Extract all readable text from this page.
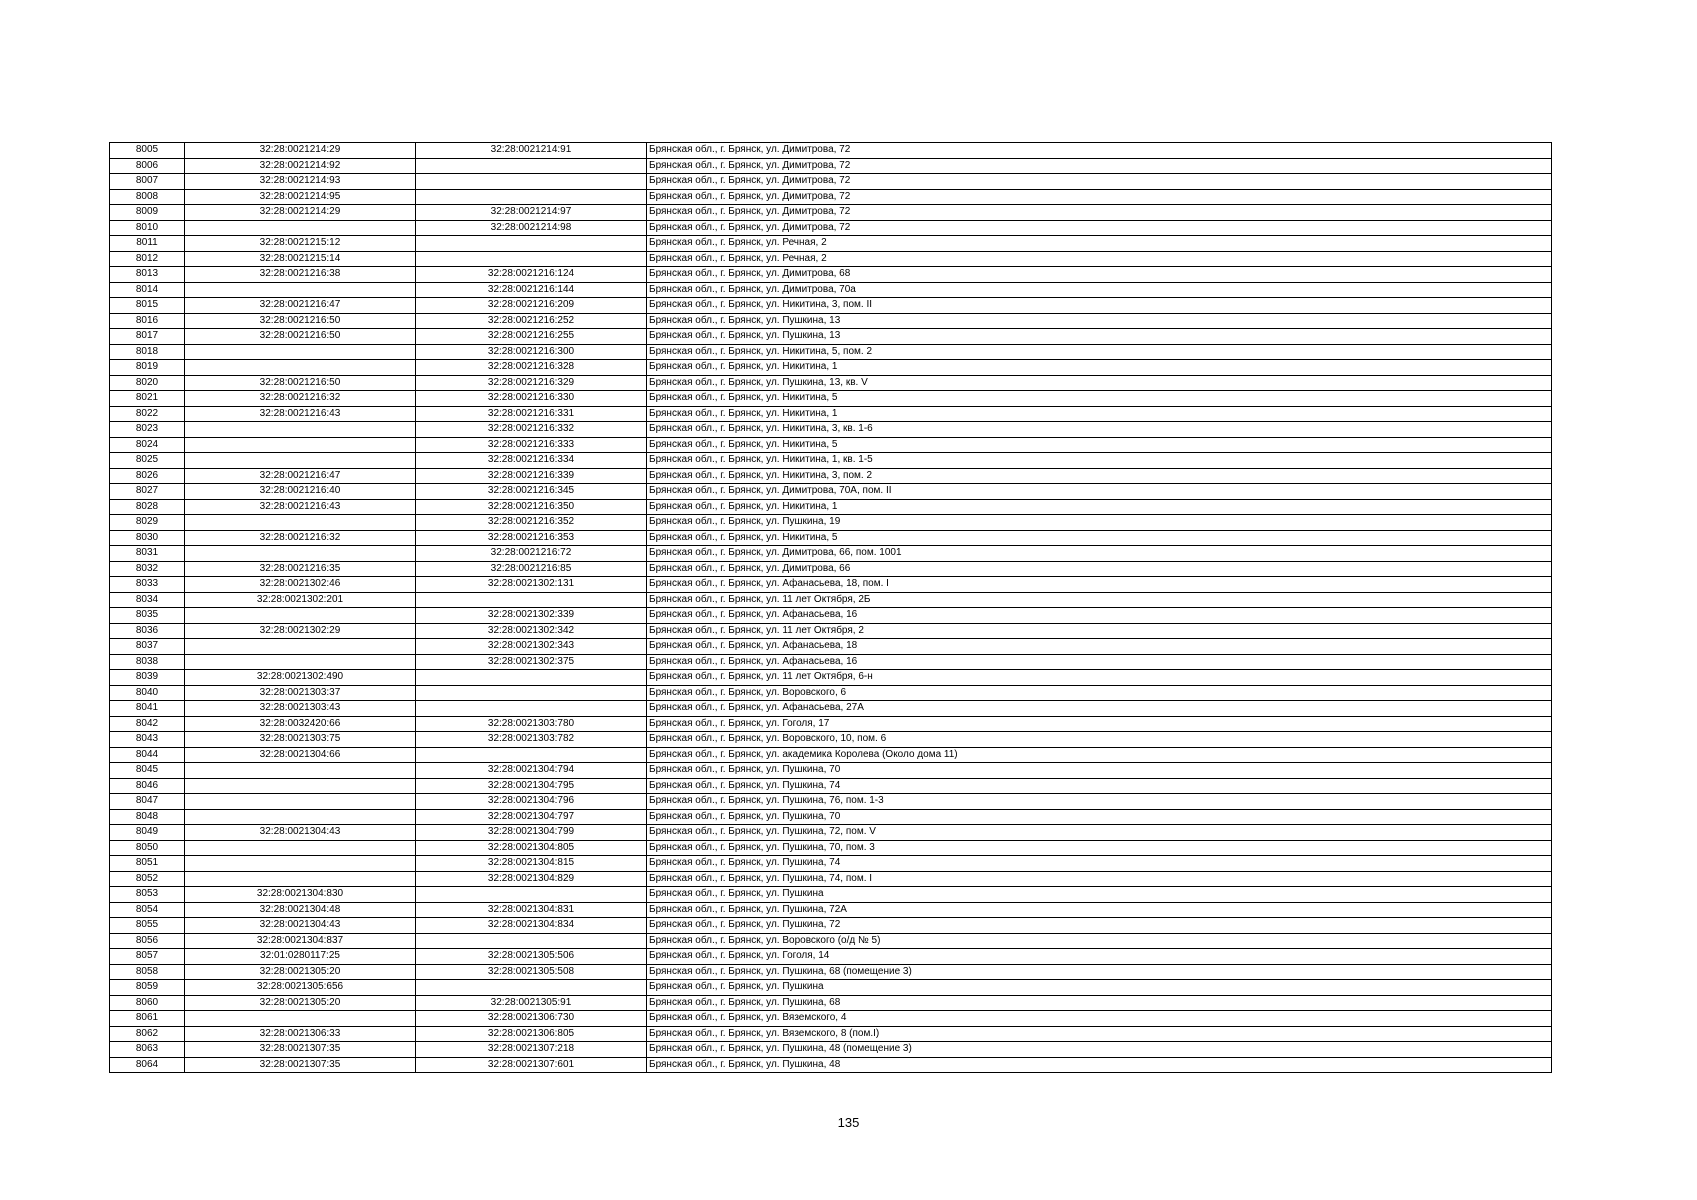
8005	32:28:0021214:29	32:28:0021214:91	Брянская обл., г. Брянск, ул. Димитрова, 72
8006	32:28:0021214:92		Брянская обл., г. Брянск, ул. Димитрова, 72
8007	32:28:0021214:93		Брянская обл., г. Брянск, ул. Димитрова, 72
8008	32:28:0021214:95		Брянская обл., г. Брянск, ул. Димитрова, 72
8009	32:28:0021214:29	32:28:0021214:97	Брянская обл., г. Брянск, ул. Димитрова, 72
8010		32:28:0021214:98	Брянская обл., г. Брянск, ул. Димитрова, 72
8011	32:28:0021215:12		Брянская обл., г. Брянск, ул. Речная, 2
8012	32:28:0021215:14		Брянская обл., г. Брянск, ул. Речная, 2
8013	32:28:0021216:38	32:28:0021216:124	Брянская обл., г. Брянск, ул. Димитрова, 68
8014		32:28:0021216:144	Брянская обл., г. Брянск, ул. Димитрова, 70а
8015	32:28:0021216:47	32:28:0021216:209	Брянская обл., г. Брянск, ул. Никитина, 3, пом. II
8016	32:28:0021216:50	32:28:0021216:252	Брянская обл., г. Брянск, ул. Пушкина, 13
8017	32:28:0021216:50	32:28:0021216:255	Брянская обл., г. Брянск, ул. Пушкина, 13
8018		32:28:0021216:300	Брянская обл., г. Брянск, ул. Никитина, 5, пом. 2
8019		32:28:0021216:328	Брянская обл., г. Брянск, ул. Никитина, 1
8020	32:28:0021216:50	32:28:0021216:329	Брянская обл., г. Брянск, ул. Пушкина, 13, кв. V
8021	32:28:0021216:32	32:28:0021216:330	Брянская обл., г. Брянск, ул. Никитина, 5
8022	32:28:0021216:43	32:28:0021216:331	Брянская обл., г. Брянск, ул. Никитина, 1
8023		32:28:0021216:332	Брянская обл., г. Брянск, ул. Никитина, 3, кв. 1-6
8024		32:28:0021216:333	Брянская обл., г. Брянск, ул. Никитина, 5
8025		32:28:0021216:334	Брянская обл., г. Брянск, ул. Никитина, 1, кв. 1-5
8026	32:28:0021216:47	32:28:0021216:339	Брянская обл., г. Брянск, ул. Никитина, 3, пом. 2
8027	32:28:0021216:40	32:28:0021216:345	Брянская обл., г. Брянск, ул. Димитрова, 70А, пом. II
8028	32:28:0021216:43	32:28:0021216:350	Брянская обл., г. Брянск, ул. Никитина, 1
8029		32:28:0021216:352	Брянская обл., г. Брянск, ул. Пушкина, 19
8030	32:28:0021216:32	32:28:0021216:353	Брянская обл., г. Брянск, ул. Никитина, 5
8031		32:28:0021216:72	Брянская обл., г. Брянск, ул. Димитрова, 66, пом. 1001
8032	32:28:0021216:35	32:28:0021216:85	Брянская обл., г. Брянск, ул. Димитрова, 66
8033	32:28:0021302:46	32:28:0021302:131	Брянская обл., г. Брянск, ул. Афанасьева, 18, пом. I
8034	32:28:0021302:201		Брянская обл., г. Брянск, ул. 11 лет Октября, 2Б
8035		32:28:0021302:339	Брянская обл., г. Брянск, ул. Афанасьева, 16
8036	32:28:0021302:29	32:28:0021302:342	Брянская обл., г. Брянск, ул. 11 лет Октября, 2
8037		32:28:0021302:343	Брянская обл., г. Брянск, ул. Афанасьева, 18
8038		32:28:0021302:375	Брянская обл., г. Брянск, ул. Афанасьева, 16
8039	32:28:0021302:490		Брянская обл., г. Брянск, ул. 11 лет Октября, 6-н
8040	32:28:0021303:37		Брянская обл., г. Брянск, ул. Воровского, 6
8041	32:28:0021303:43		Брянская обл., г. Брянск, ул. Афанасьева, 27А
8042	32:28:0032420:66	32:28:0021303:780	Брянская обл., г. Брянск, ул. Гоголя, 17
8043	32:28:0021303:75	32:28:0021303:782	Брянская обл., г. Брянск, ул. Воровского, 10, пом. 6
8044	32:28:0021304:66		Брянская обл., г. Брянск, ул. академика Королева (Около дома 11)
8045		32:28:0021304:794	Брянская обл., г. Брянск, ул. Пушкина, 70
8046		32:28:0021304:795	Брянская обл., г. Брянск, ул. Пушкина, 74
8047		32:28:0021304:796	Брянская обл., г. Брянск, ул. Пушкина, 76, пом. 1-3
8048		32:28:0021304:797	Брянская обл., г. Брянск, ул. Пушкина, 70
8049	32:28:0021304:43	32:28:0021304:799	Брянская обл., г. Брянск, ул. Пушкина, 72, пом. V
8050		32:28:0021304:805	Брянская обл., г. Брянск, ул. Пушкина, 70, пом. 3
8051		32:28:0021304:815	Брянская обл., г. Брянск, ул. Пушкина, 74
8052		32:28:0021304:829	Брянская обл., г. Брянск, ул. Пушкина, 74, пом. I
8053	32:28:0021304:830		Брянская обл., г. Брянск, ул. Пушкина
8054	32:28:0021304:48	32:28:0021304:831	Брянская обл., г. Брянск, ул. Пушкина, 72А
8055	32:28:0021304:43	32:28:0021304:834	Брянская обл., г. Брянск, ул. Пушкина, 72
8056	32:28:0021304:837		Брянская обл., г. Брянск, ул. Воровского (о/д № 5)
8057	32:01:0280117:25	32:28:0021305:506	Брянская обл., г. Брянск, ул. Гоголя, 14
8058	32:28:0021305:20	32:28:0021305:508	Брянская обл., г. Брянск, ул. Пушкина, 68 (помещение 3)
8059	32:28:0021305:656		Брянская обл., г. Брянск, ул. Пушкина
8060	32:28:0021305:20	32:28:0021305:91	Брянская обл., г. Брянск, ул. Пушкина, 68
8061		32:28:0021306:730	Брянская обл., г. Брянск, ул. Вяземского, 4
8062	32:28:0021306:33	32:28:0021306:805	Брянская обл., г. Брянск, ул. Вяземского, 8 (пом.I)
8063	32:28:0021307:35	32:28:0021307:218	Брянская обл., г. Брянск, ул. Пушкина, 48 (помещение 3)
8064	32:28:0021307:35	32:28:0021307:601	Брянская обл., г. Брянск, ул. Пушкина, 48
135
